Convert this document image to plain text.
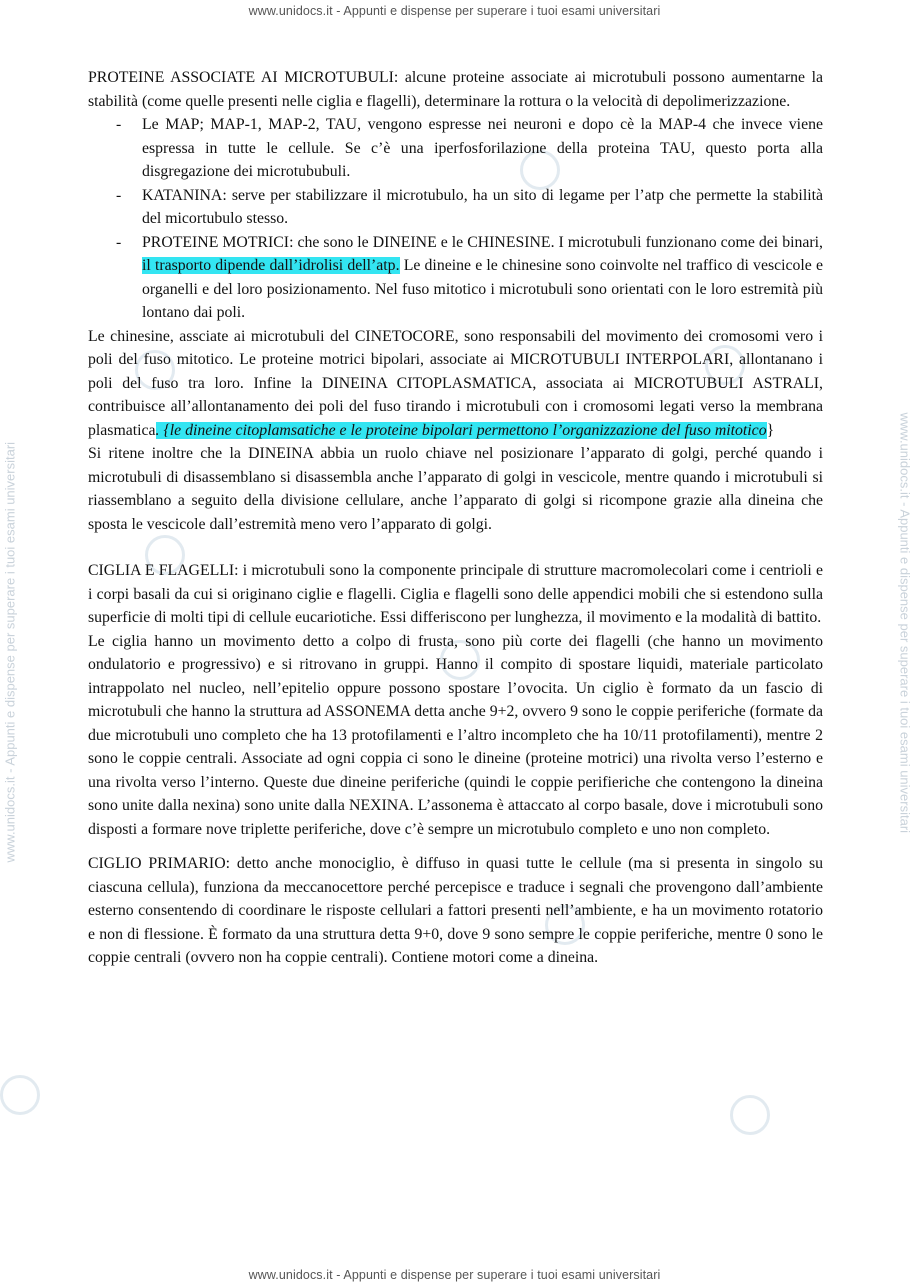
www.unidocs.it - Appunti e dispense per superare i tuoi esami universitari
www.unidocs.it - Appunti e dispense per superare i tuoi esami universitari
www.unidocs.it - Appunti e dispense per superare i tuoi esami universitari	www.unidocs.it - Appunti e dispense per superare i tuoi esami universitari

PROTEINE ASSOCIATE AI MICROTUBULI: alcune proteine associate ai microtubuli possono aumentarne la stabilità (come quelle presenti nelle ciglia e flagelli), determinare la rottura o la velocità di depolimerizzazione.

- Le MAP; MAP-1, MAP-2, TAU, vengono espresse nei neuroni e dopo cè la MAP-4 che invece viene espressa in tutte le cellule. Se c’è una iperfosforilazione della proteina TAU, questo porta alla disgregazione dei microtububuli.
- KATANINA: serve per stabilizzare il microtubulo, ha un sito di legame per l’atp che permette la stabilità del micortubulo stesso.
- PROTEINE MOTRICI: che sono le DINEINE e le CHINESINE. I microtubuli funzionano come dei binari, il trasporto dipende dall’idrolisi dell’atp. Le dineine e le chinesine sono coinvolte nel traffico di vescicole e organelli e del loro posizionamento. Nel fuso mitotico i microtubuli sono orientati con le loro estremità più lontano dai poli.

Le chinesine, assciate ai microtubuli del CINETOCORE, sono responsabili del movimento dei cromosomi vero i poli del fuso mitotico. Le proteine motrici bipolari, associate ai MICROTUBULI INTERPOLARI, allontanano i poli del fuso tra loro. Infine la DINEINA CITOPLASMATICA, associata ai MICROTUBULI ASTRALI, contribuisce all’allontanamento dei poli del fuso tirando i microtubuli con i cromosomi legati verso la membrana plasmatica. {le dineine citoplamsatiche e le proteine bipolari permettono l’organizzazione del fuso mitotico}

Si ritene inoltre che la DINEINA abbia un ruolo chiave nel posizionare l’apparato di golgi, perché quando i microtubuli di disassemblano si disassembla anche l’apparato di golgi in vescicole, mentre quando i microtubuli si riassemblano a seguito della divisione cellulare, anche l’apparato di golgi si ricompone grazie alla dineina che sposta le vescicole dall’estremità meno vero l’apparato di golgi.

CIGLIA E FLAGELLI: i microtubuli sono la componente principale di strutture macromolecolari come i centrioli e i corpi basali da cui si originano ciglie e flagelli. Ciglia e flagelli sono delle appendici mobili che si estendono sulla superficie di molti tipi di cellule eucariotiche. Essi differiscono per lunghezza, il movimento e la modalità di battito.

Le ciglia hanno un movimento detto a colpo di frusta, sono più corte dei flagelli (che hanno un movimento ondulatorio e progressivo) e si ritrovano in gruppi. Hanno il compito di spostare liquidi, materiale particolato intrappolato nel nucleo, nell’epitelio oppure possono spostare l’ovocita. Un ciglio è formato da un fascio di microtubuli che hanno la struttura ad ASSONEMA detta anche 9+2, ovvero 9 sono le coppie periferiche (formate da due microtubuli uno completo che ha 13 protofilamenti e l’altro incompleto che ha 10/11 protofilamenti), mentre 2 sono le coppie centrali. Associate ad ogni coppia ci sono le dineine (proteine motrici) una rivolta verso l’esterno e una rivolta verso l’interno. Queste due dineine periferiche (quindi le coppie perifieriche che contengono la dineina sono unite dalla nexina) sono unite dalla NEXINA. L’assonema è attaccato al corpo basale, dove i microtubuli sono disposti a formare nove triplette periferiche, dove c’è sempre un microtubulo completo e uno non completo.

CIGLIO PRIMARIO: detto anche monociglio, è diffuso in quasi tutte le cellule (ma si presenta in singolo su ciascuna cellula), funziona da meccanocettore perché percepisce e traduce i segnali che provengono dall’ambiente esterno consentendo di coordinare le risposte cellulari a fattori presenti nell’ambiente, e ha un movimento rotatorio e non di flessione. È formato da una struttura detta 9+0, dove 9 sono sempre le coppie periferiche, mentre 0 sono le coppie centrali (ovvero non ha coppie centrali). Contiene motori come a dineina.
